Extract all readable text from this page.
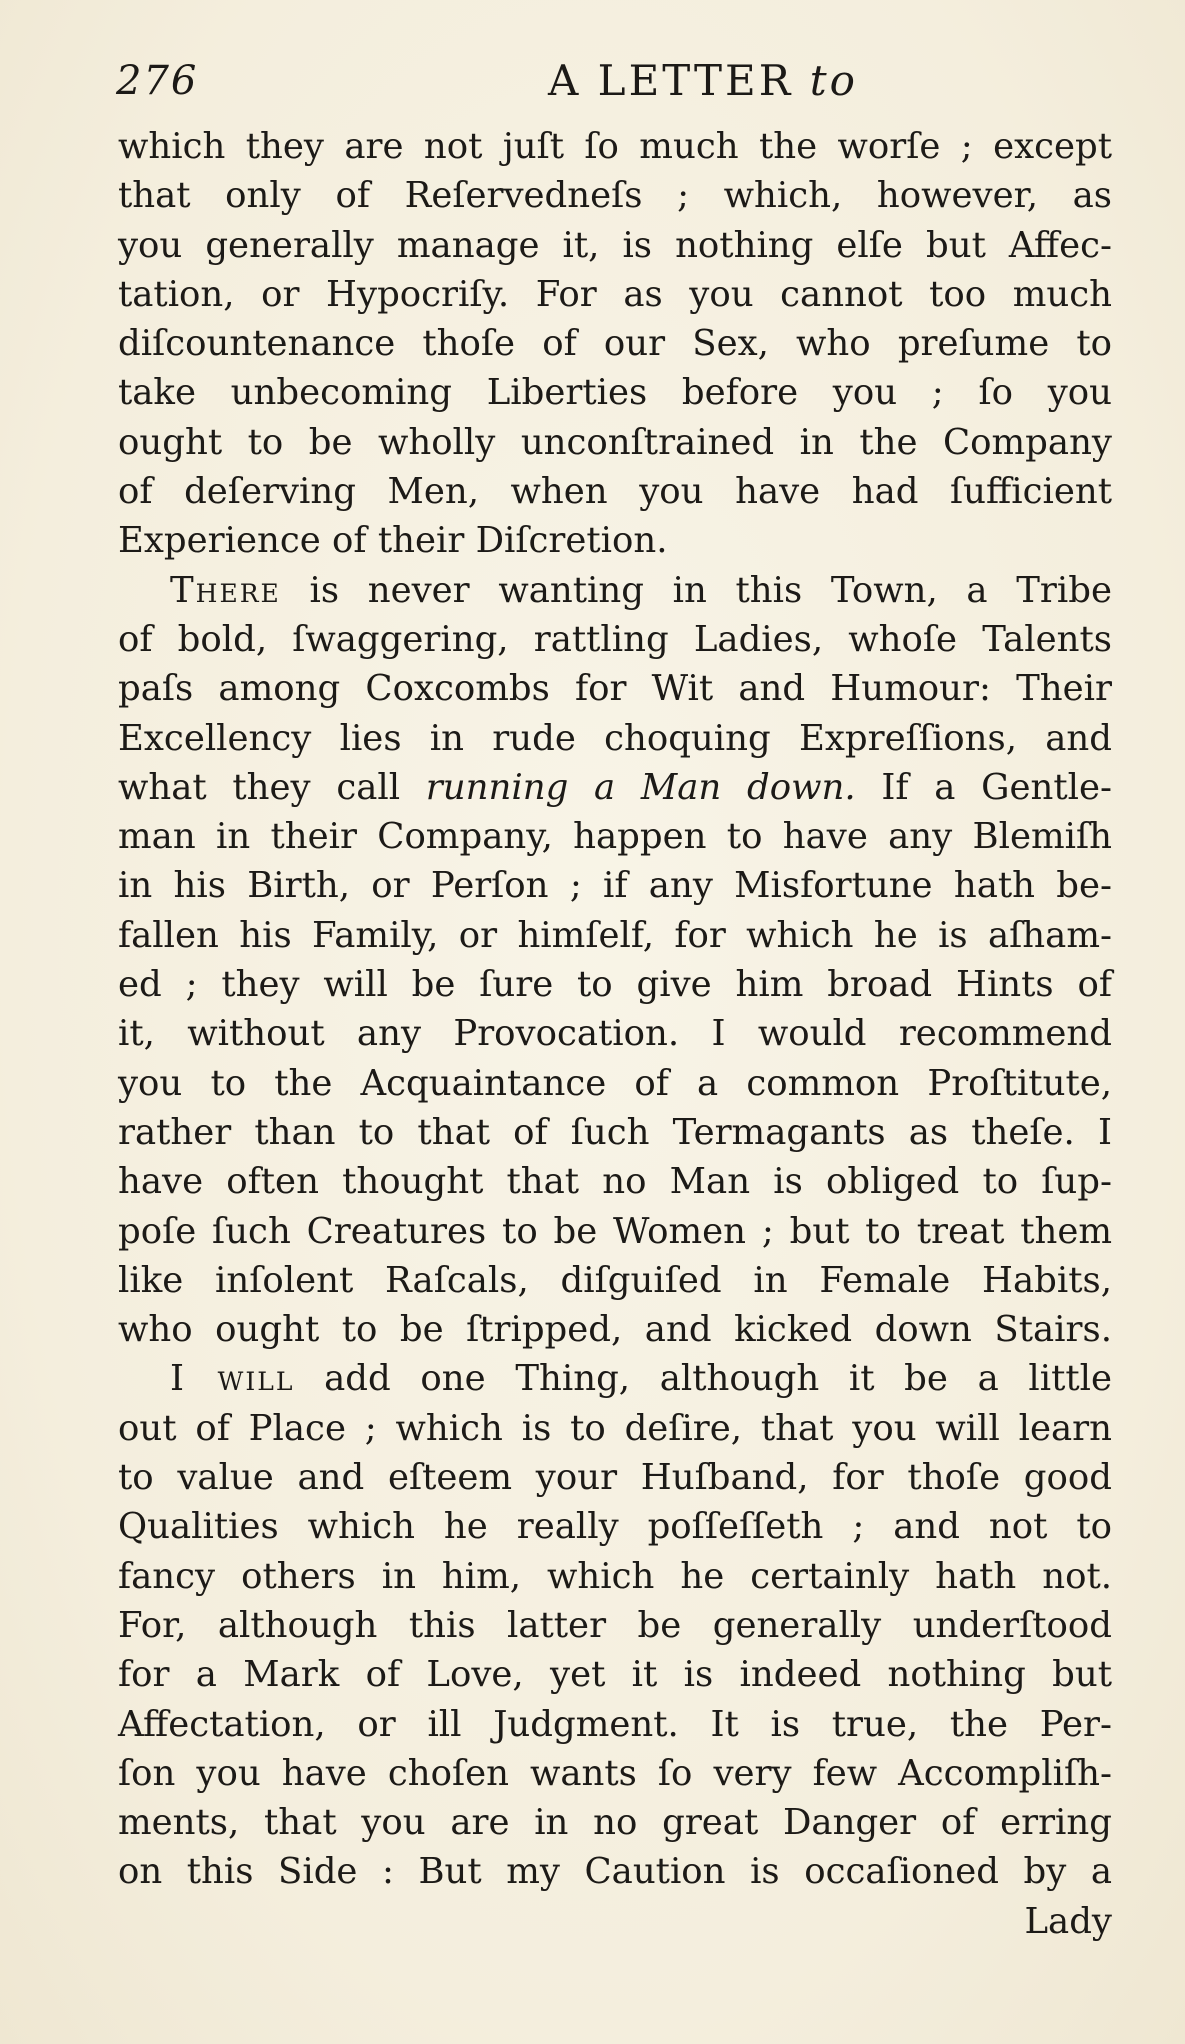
276	A LETTER to
which they are not juſt ſo much the worſe ; except
that only of Reſervedneſs ; which, however, as
you generally manage it, is nothing elſe but Affec-
tation, or Hypocriſy. For as you cannot too much
diſcountenance thoſe of our Sex, who preſume to
take unbecoming Liberties before you ; ſo you
ought to be wholly unconſtrained in the Company
of deſerving Men, when you have had ſufficient
Experience of their Diſcretion.
There is never wanting in this Town, a Tribe
of bold, ſwaggering, rattling Ladies, whoſe Talents
paſs among Coxcombs for Wit and Humour: Their
Excellency lies in rude choquing Expreſſions, and
what they call running a Man down. If a Gentle-
man in their Company, happen to have any Blemiſh
in his Birth, or Perſon ; if any Misfortune hath be-
fallen his Family, or himſelf, for which he is aſham-
ed ; they will be ſure to give him broad Hints of
it, without any Provocation. I would recommend
you to the Acquaintance of a common Proſtitute,
rather than to that of ſuch Termagants as theſe. I
have often thought that no Man is obliged to ſup-
poſe ſuch Creatures to be Women ; but to treat them
like inſolent Raſcals, diſguiſed in Female Habits,
who ought to be ſtripped, and kicked down Stairs.
I will add one Thing, although it be a little
out of Place ; which is to deſire, that you will learn
to value and eſteem your Huſband, for thoſe good
Qualities which he really poſſeſſeth ; and not to
fancy others in him, which he certainly hath not.
For, although this latter be generally underſtood
for a Mark of Love, yet it is indeed nothing but
Affectation, or ill Judgment. It is true, the Per-
ſon you have choſen wants ſo very few Accompliſh-
ments, that you are in no great Danger of erring
on this Side : But my Caution is occaſioned by a
Lady
